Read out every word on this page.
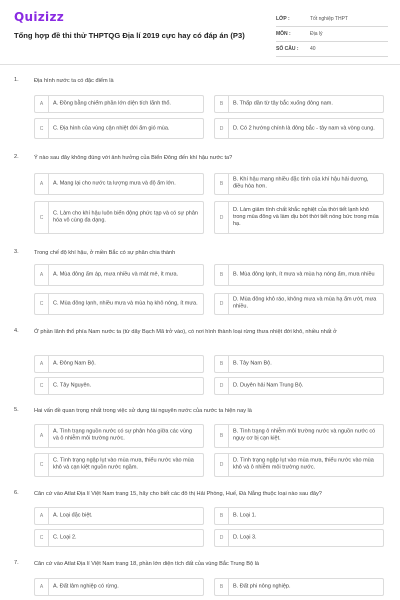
Quizizz
Tổng hợp đề thi thử THPTQG Địa lí 2019 cực hay có đáp án (P3)
LỚP :	Tốt nghiệp THPT
MÔN :	Địa lý
SỐ CÂU : 40
1.	Địa hình nước ta có đặc điểm là
A	A. Đồng bằng chiếm phần lớn diện tích lãnh thổ.	B	B. Thấp dần từ tây bắc xuống đông nam.
C	C. Địa hình của vùng cận nhiệt đới ẩm gió mùa.	D	D. Có 2 hướng chính là đông bắc - tây nam và vòng cung.
2.	Ý nào sau đây không đúng với ảnh hưởng của Biển Đông đến khí hậu nước ta?
A	A. Mang lại cho nước ta lượng mưa và độ ẩm lớn.	B
B. Khí hậu mang nhiều đặc tính của khí hậu hải dương, điều hòa hơn.
C
C. Làm cho khí hậu luôn biến động phức tạp và có sự phân hóa vô cùng đa dạng.	D
D. Làm giảm tính chất khắc nghiệt của thời tiết lạnh khô trong mùa đông và làm dịu bớt thời tiết nóng bức trong mùa hạ.
3.	Trong chế độ khí hậu, ở miền Bắc có sự phân chia thành
A	A. Mùa đông ấm áp, mưa nhiều và mát mẻ, ít mưa.	B	B. Mùa đông lạnh, ít mưa và mùa hạ nóng ẩm, mưa nhiều
C	C. Mùa đông lạnh, nhiều mưa và mùa hạ khô nóng, ít mưa.	D
D. Mùa đông khô ráo, không mưa và mùa hạ ẩm ướt, mưa nhiều.
4.	Ở phần lãnh thổ phía Nam nước ta (từ dãy Bạch Mã trở vào), có nơi hình thành loại rừng thưa nhiệt đới khô, nhiều nhất ở
A	A. Đông Nam Bộ.	B	B. Tây Nam Bộ.
C	C. Tây Nguyên.	D	D. Duyên hải Nam Trung Bộ.
5.	Hai vấn đề quan trọng nhất trong việc sử dụng tài nguyên nước của nước ta hiện nay là
A
A. Tình trạng nguồn nước có sự phân hóa giữa các vùng và ô nhiễm môi trường nước.	B
B. Tình trạng ô nhiễm môi trường nước và nguồn nước có nguy cơ bị cạn kiệt.
C
C. Tình trạng ngập lụt vào mùa mưa, thiếu nước vào mùa khô và cạn kiệt nguồn nước ngầm.	D
D. Tình trạng ngập lụt vào mùa mưa, thiếu nước vào mùa khô và ô nhiễm môi trường nước.
6.	Căn cứ vào Atlat Địa lí Việt Nam trang 15, hãy cho biết các đô thị Hải Phòng, Huế, Đà Nẵng thuộc loại nào sau đây?
A	A. Loại đặc biệt.	B	B. Loại 1.
C	C. Loại 2.	D	D. Loại 3.
7.	Căn cứ vào Atlat Địa lí Việt Nam trang 18, phần lớn diện tích đất của vùng Bắc Trung Bộ là
A	A. Đất lâm nghiệp có rừng.	B	B. Đất phi nông nghiệp.
